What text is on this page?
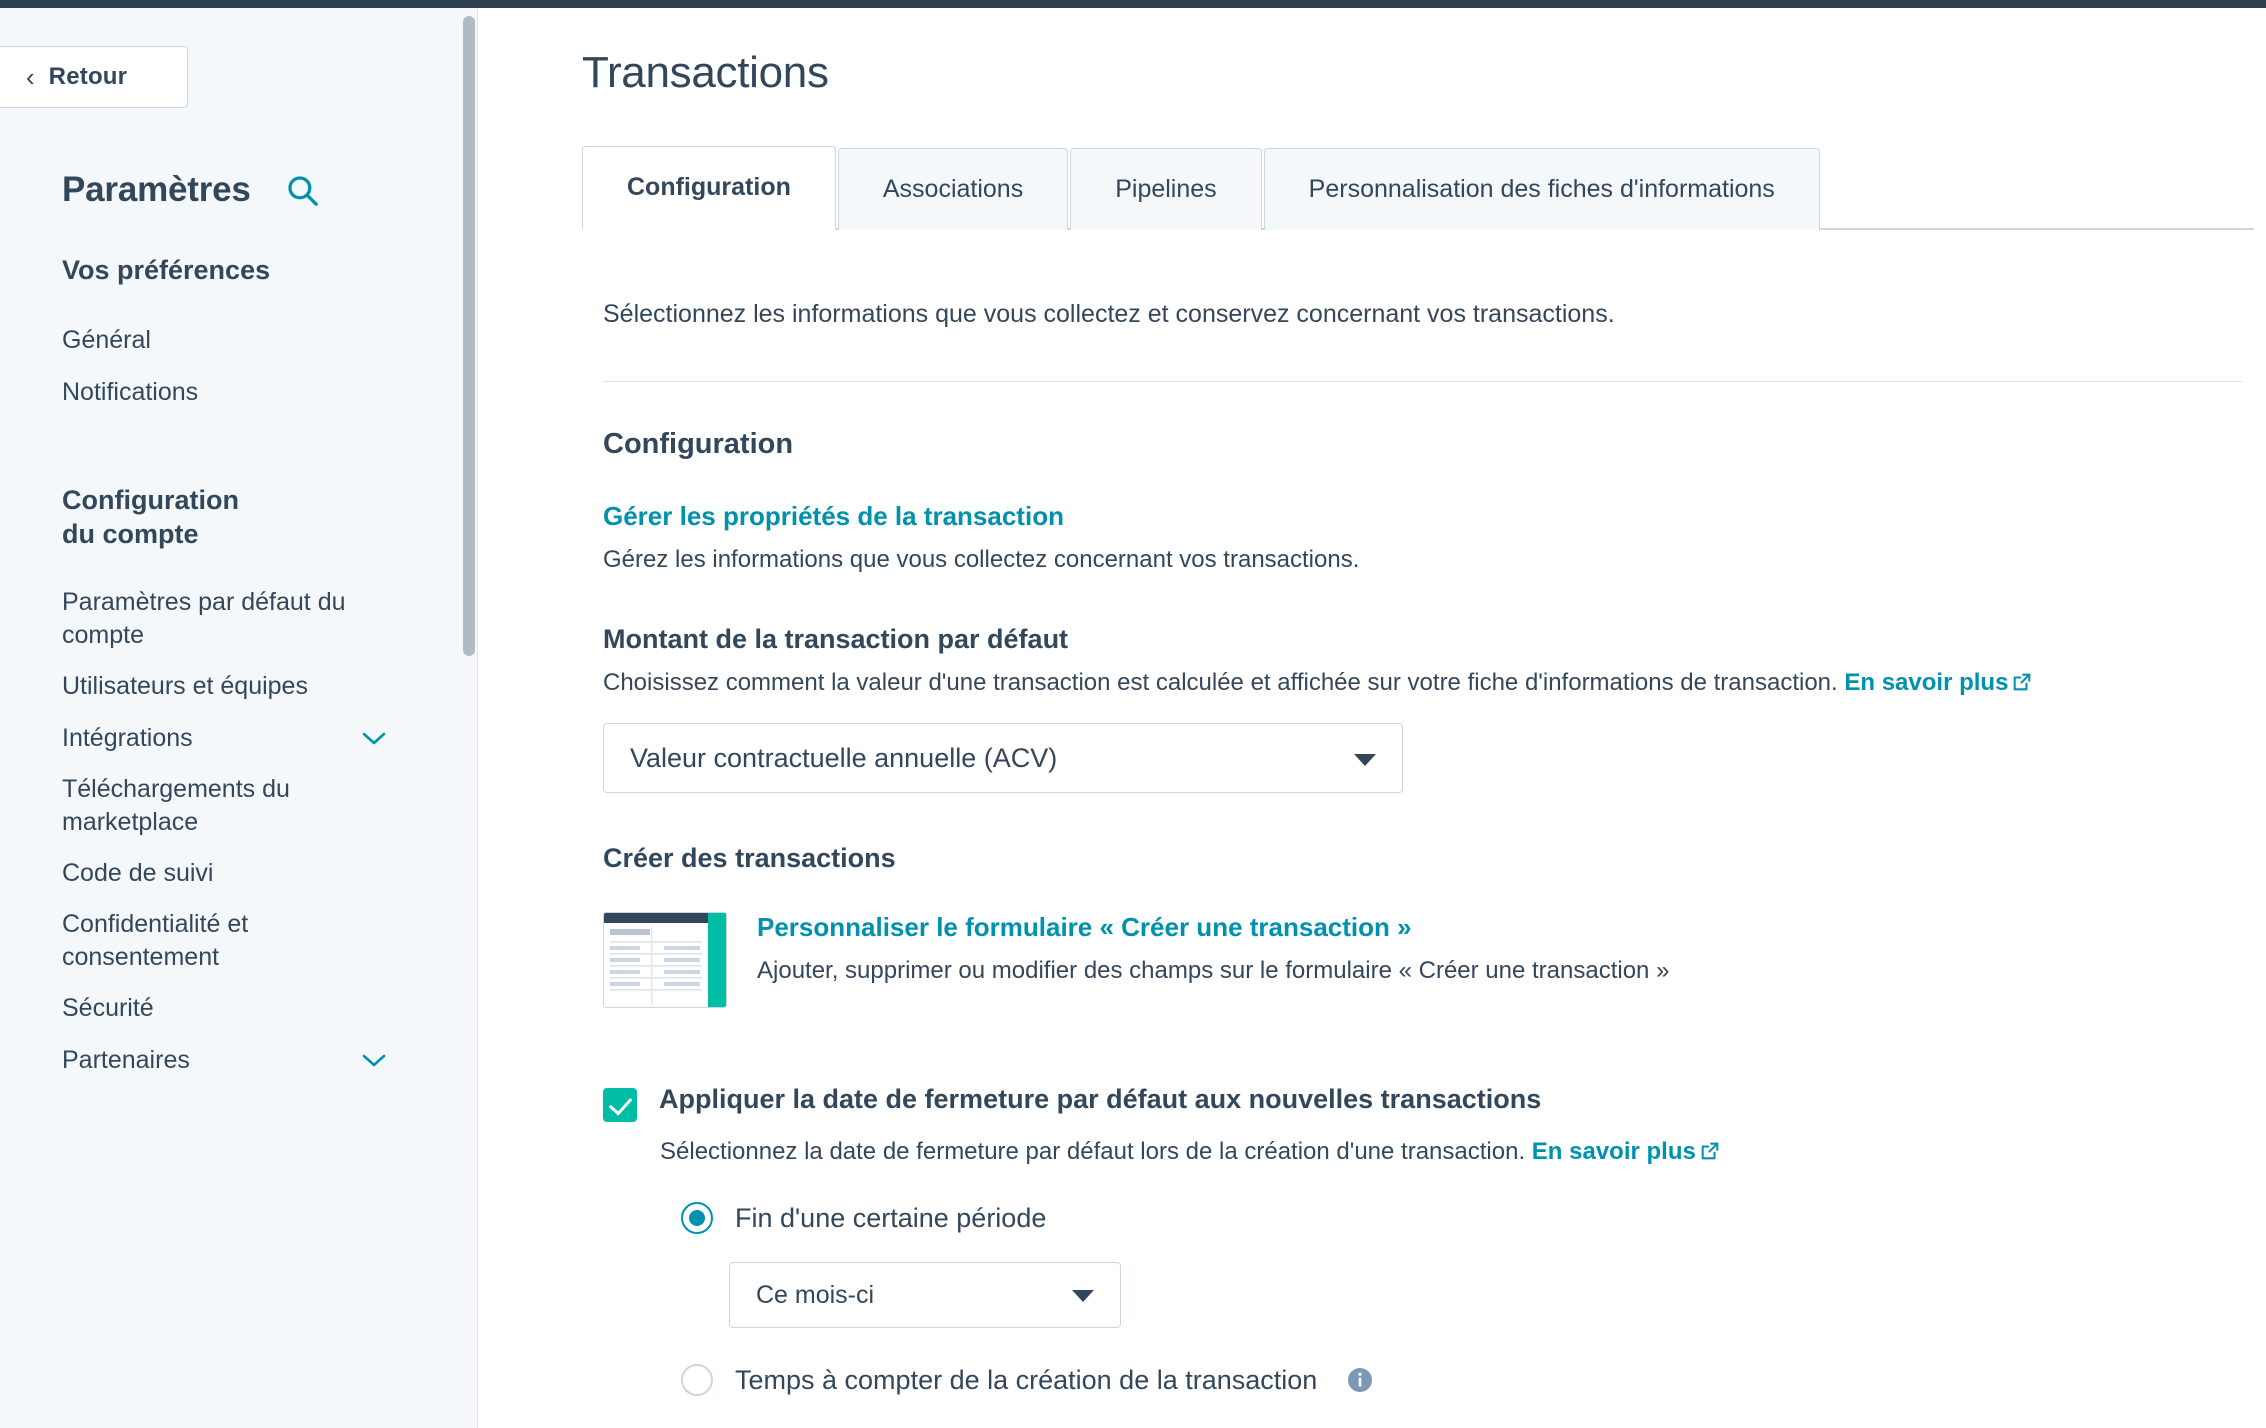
‹ Retour
Paramètres
Vos préférences
Général
Notifications
Configuration du compte
Paramètres par défaut du compte
Utilisateurs et équipes
Intégrations
Téléchargements du marketplace
Code de suivi
Confidentialité et consentement
Sécurité
Partenaires
Transactions
Configuration	Associations	Pipelines	Personnalisation des fiches d'informations

Sélectionnez les informations que vous collectez et conservez concernant vos transactions.

Configuration
Gérer les propriétés de la transaction

Gérez les informations que vous collectez concernant vos transactions.

Montant de la transaction par défaut

Choisissez comment la valeur d'une transaction est calculée et affichée sur votre fiche d'informations de transaction. En savoir plus

Valeur contractuelle annuelle (ACV)
Créer des transactions
Personnaliser le formulaire « Créer une transaction »
Ajouter, supprimer ou modifier des champs sur le formulaire « Créer une transaction »
Appliquer la date de fermeture par défaut aux nouvelles transactions

Sélectionnez la date de fermeture par défaut lors de la création d'une transaction. En savoir plus

Fin d'une certaine période
Ce mois-ci
Temps à compter de la création de la transaction
